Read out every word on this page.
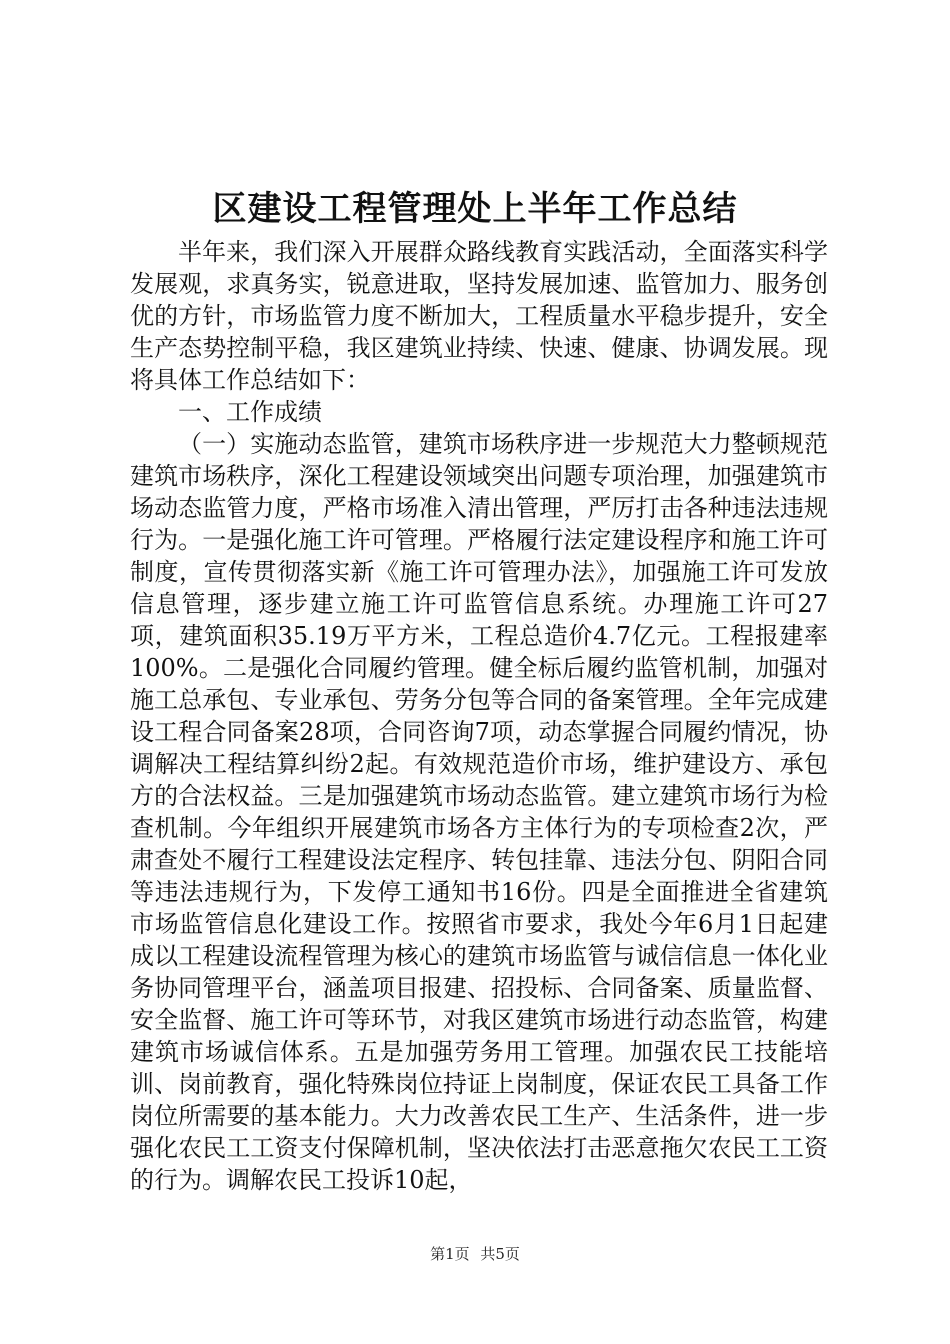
区建设工程管理处上半年工作总结

半年来，我们深入开展群众路线教育实践活动，全面落实科学发展观，求真务实，锐意进取，坚持发展加速、监管加力、服务创优的方针，市场监管力度不断加大，工程质量水平稳步提升，安全生产态势控制平稳，我区建筑业持续、快速、健康、协调发展。现将具体工作总结如下：

一、工作成绩

（一）实施动态监管，建筑市场秩序进一步规范大力整顿规范建筑市场秩序，深化工程建设领域突出问题专项治理，加强建筑市场动态监管力度，严格市场准入清出管理，严厉打击各种违法违规行为。一是强化施工许可管理。严格履行法定建设程序和施工许可制度，宣传贯彻落实新《施工许可管理办法》，加强施工许可发放信息管理，逐步建立施工许可监管信息系统。办理施工许可27项，建筑面积35.19万平方米，工程总造价4.7亿元。工程报建率100%。二是强化合同履约管理。健全标后履约监管机制，加强对施工总承包、专业承包、劳务分包等合同的备案管理。全年完成建设工程合同备案28项，合同咨询7项，动态掌握合同履约情况，协调解决工程结算纠纷2起。有效规范造价市场，维护建设方、承包方的合法权益。三是加强建筑市场动态监管。建立建筑市场行为检查机制。今年组织开展建筑市场各方主体行为的专项检查2次，严肃查处不履行工程建设法定程序、转包挂靠、违法分包、阴阳合同等违法违规行为，下发停工通知书16份。四是全面推进全省建筑市场监管信息化建设工作。按照省市要求，我处今年6月1日起建成以工程建设流程管理为核心的建筑市场监管与诚信信息一体化业务协同管理平台，涵盖项目报建、招投标、合同备案、质量监督、安全监督、施工许可等环节，对我区建筑市场进行动态监管，构建建筑市场诚信体系。五是加强劳务用工管理。加强农民工技能培训、岗前教育，强化特殊岗位持证上岗制度，保证农民工具备工作岗位所需要的基本能力。大力改善农民工生产、生活条件，进一步强化农民工工资支付保障机制，坚决依法打击恶意拖欠农民工工资的行为。调解农民工投诉10起，

第1页 共5页
